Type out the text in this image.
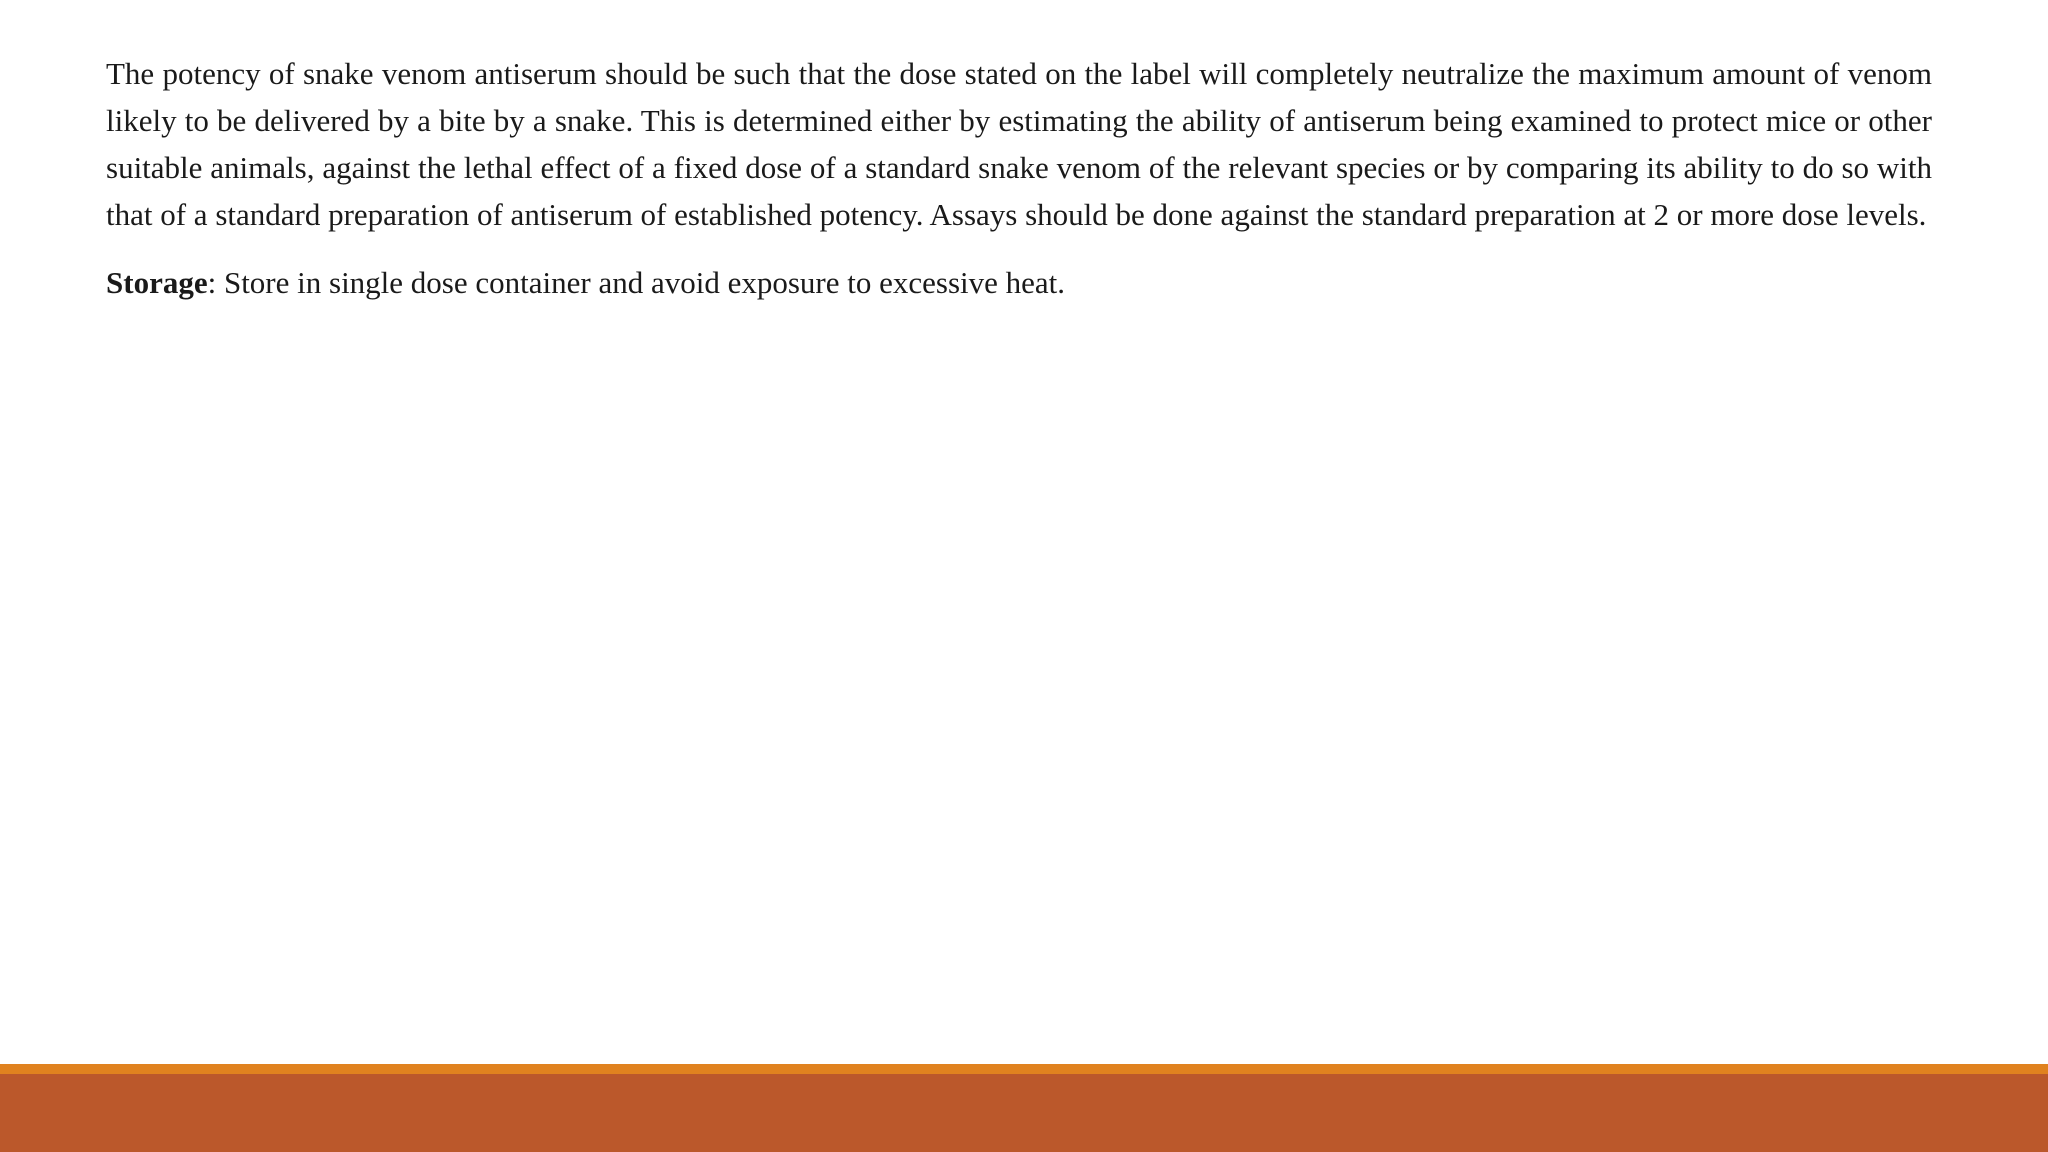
The potency of snake venom antiserum should be such that the dose stated on the label will completely neutralize the maximum amount of venom likely to be delivered by a bite by a snake. This is determined either by estimating the ability of antiserum being examined to protect mice or other suitable animals, against the lethal effect of a fixed dose of a standard snake venom of the relevant species or by comparing its ability to do so with that of a standard preparation of antiserum of established potency. Assays should be done against the standard preparation at 2 or more dose levels.

Storage: Store in single dose container and avoid exposure to excessive heat.
